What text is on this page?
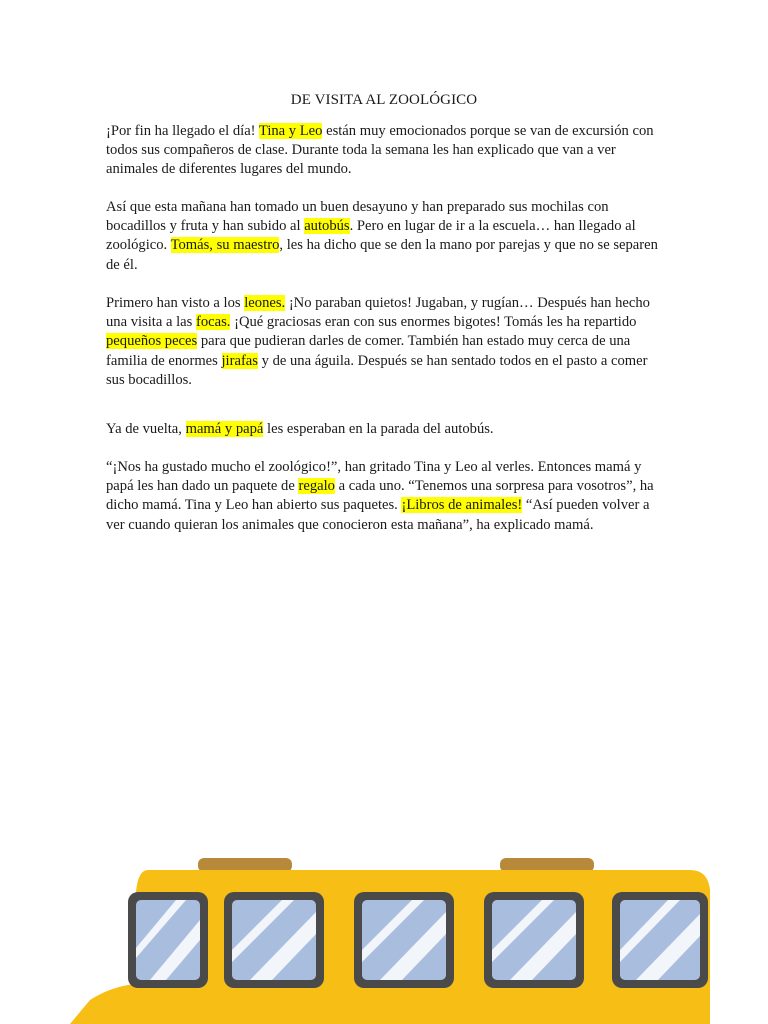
DE VISITA AL ZOOLÓGICO

¡Por fin ha llegado el día! Tina y Leo están muy emocionados porque se van de excursión con todos sus compañeros de clase. Durante toda la semana les han explicado que van a ver animales de diferentes lugares del mundo.

Así que esta mañana han tomado un buen desayuno y han preparado sus mochilas con bocadillos y fruta y han subido al autobús. Pero en lugar de ir a la escuela… han llegado al zoológico. Tomás, su maestro, les ha dicho que se den la mano por parejas y que no se separen de él.

Primero han visto a los leones. ¡No paraban quietos! Jugaban, y rugían… Después han hecho una visita a las focas. ¡Qué graciosas eran con sus enormes bigotes! Tomás les ha repartido pequeños peces para que pudieran darles de comer. También han estado muy cerca de una familia de enormes jirafas y de una águila. Después se han sentado todos en el pasto a comer sus bocadillos.

Ya de vuelta, mamá y papá les esperaban en la parada del autobús.

“¡Nos ha gustado mucho el zoológico!”, han gritado Tina y Leo al verles. Entonces mamá y papá les han dado un paquete de regalo a cada uno. “Tenemos una sorpresa para vosotros”, ha dicho mamá. Tina y Leo han abierto sus paquetes. ¡Libros de animales! “Así pueden volver a ver cuando quieran los animales que conocieron esta mañana”, ha explicado mamá.
